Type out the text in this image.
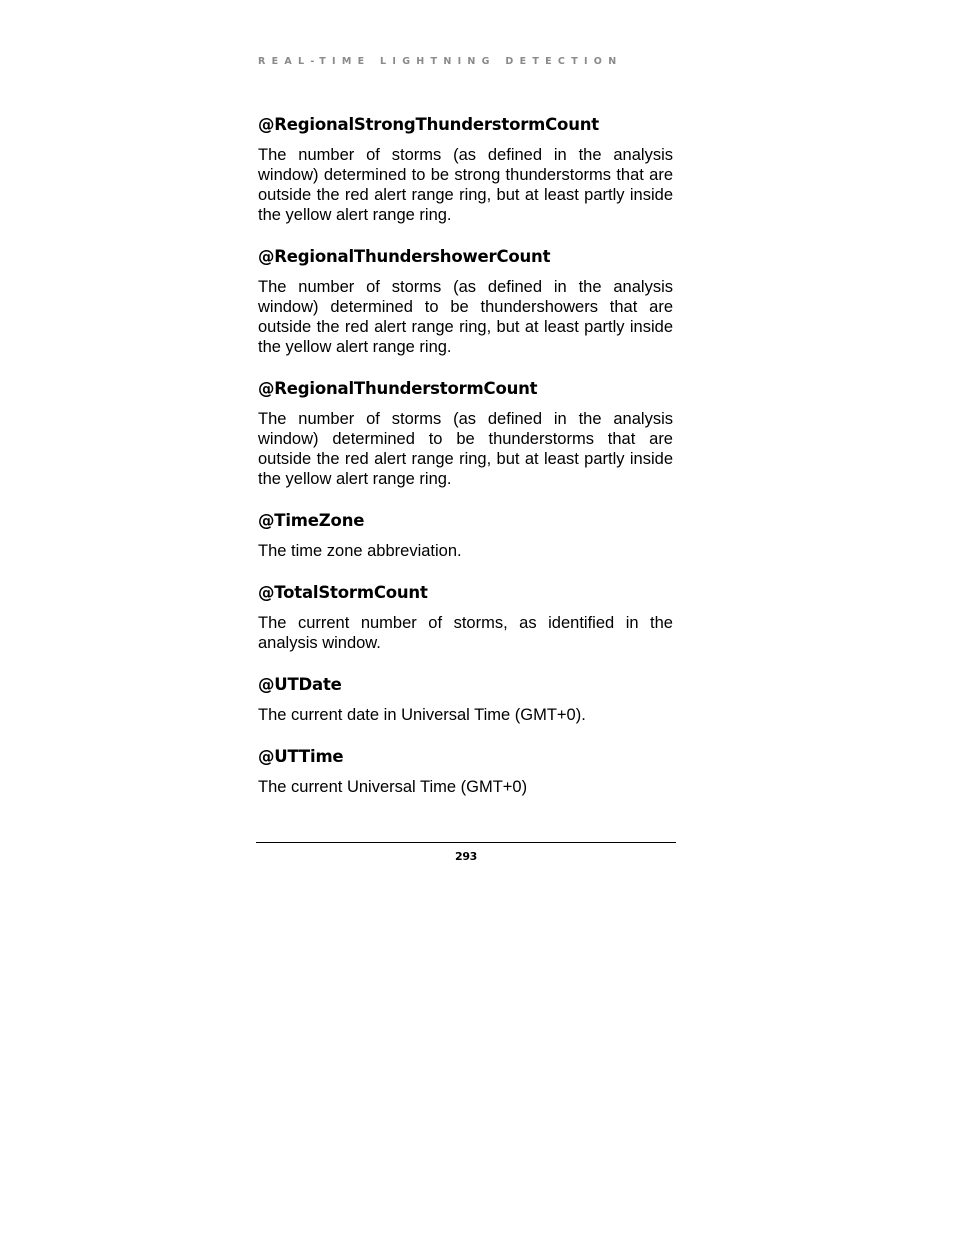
REAL-TIME LIGHTNING DETECTION
@RegionalStrongThunderstormCount

The number of storms (as defined in the analysis window) determined to be strong thunderstorms that are outside the red alert range ring, but at least partly inside the yellow alert range ring.

@RegionalThundershowerCount

The number of storms (as defined in the analysis window) determined to be thundershowers that are outside the red alert range ring, but at least partly inside the yellow alert range ring.

@RegionalThunderstormCount

The number of storms (as defined in the analysis window) determined to be thunderstorms that are outside the red alert range ring, but at least partly inside the yellow alert range ring.

@TimeZone

The time zone abbreviation.

@TotalStormCount

The current number of storms, as identified in the analysis window.

@UTDate

The current date in Universal Time (GMT+0).

@UTTime

The current Universal Time (GMT+0)

293
